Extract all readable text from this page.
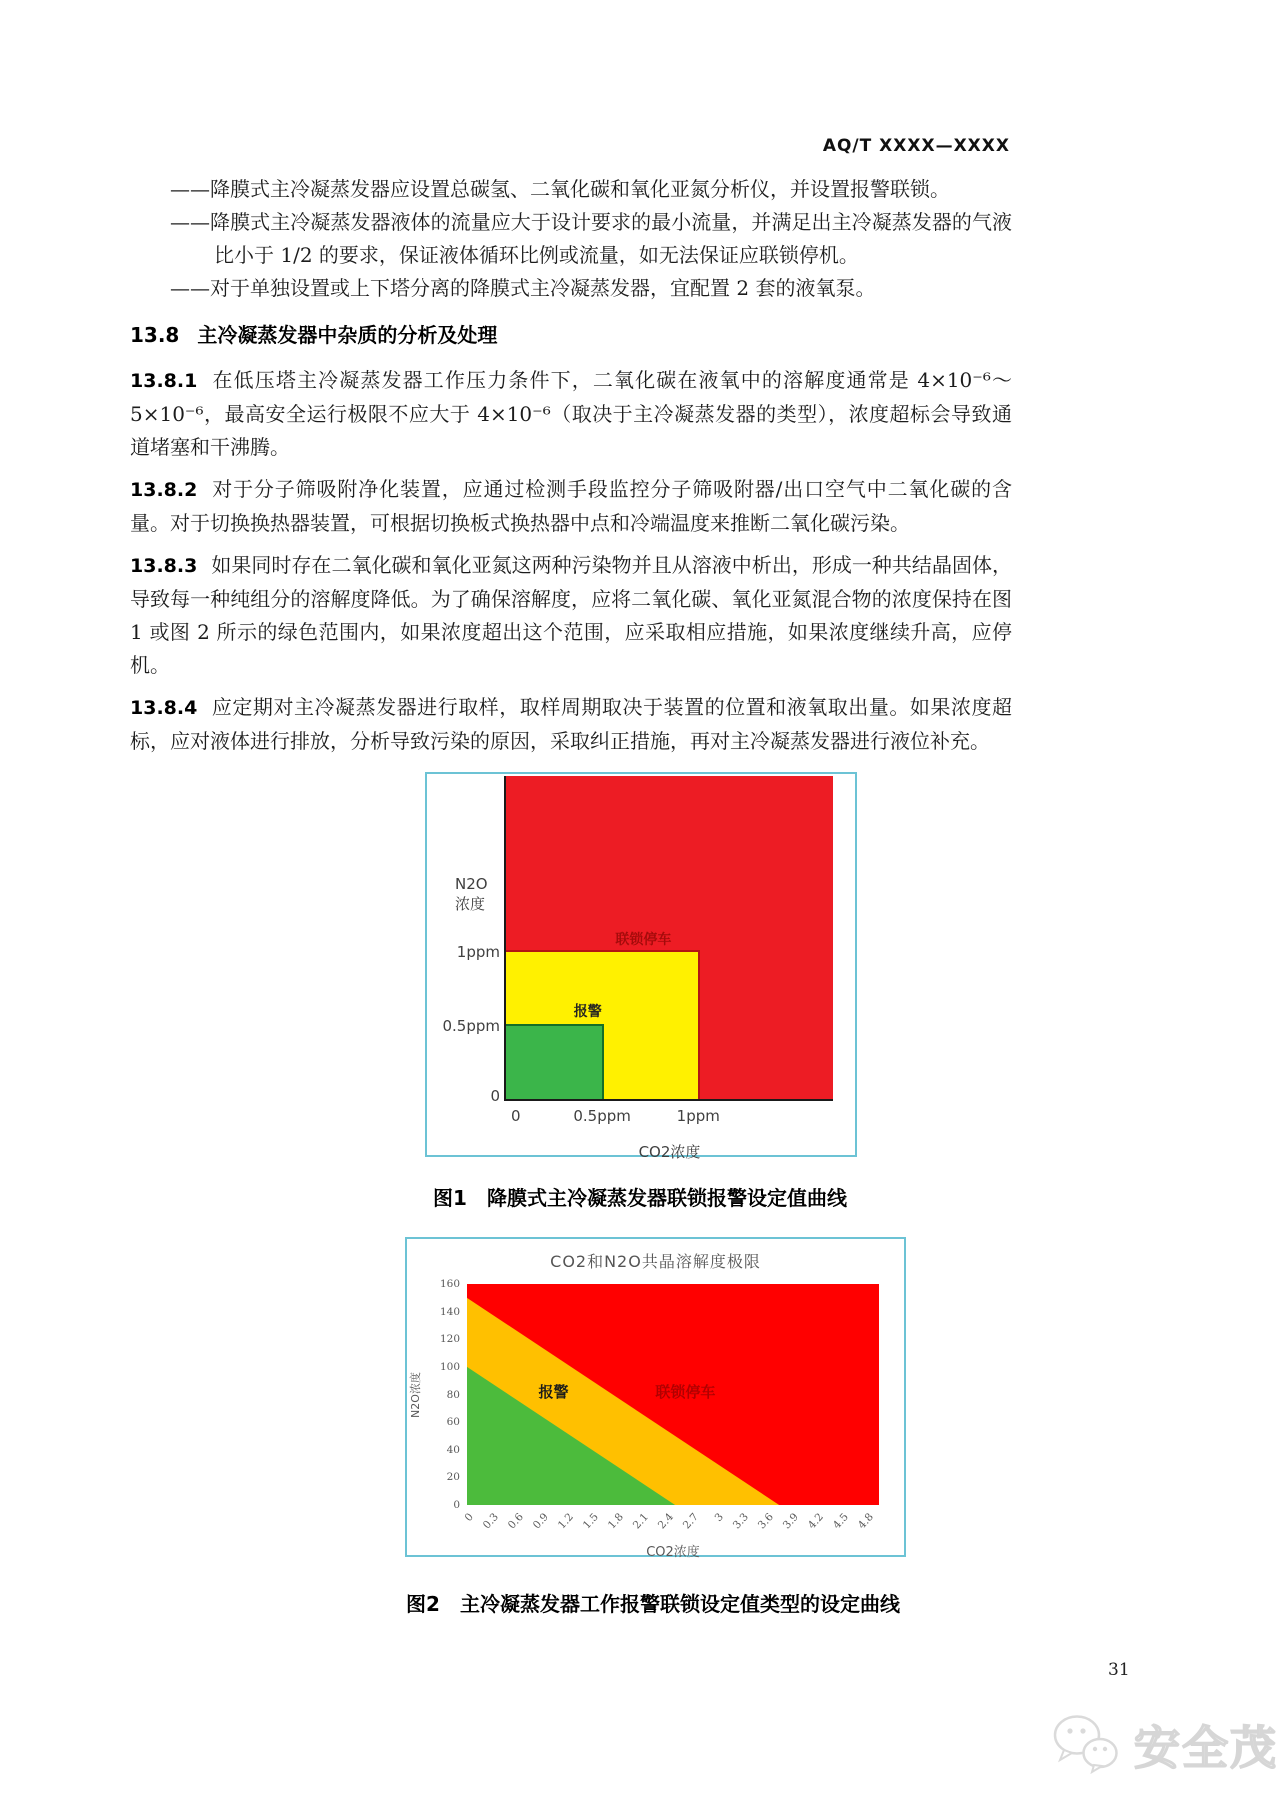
AQ/T XXXX—XXXX
——降膜式主冷凝蒸发器应设置总碳氢、二氧化碳和氧化亚氮分析仪，并设置报警联锁。
——降膜式主冷凝蒸发器液体的流量应大于设计要求的最小流量，并满足出主冷凝蒸发器的气液比小于 1/2 的要求，保证液体循环比例或流量，如无法保证应联锁停机。
——对于单独设置或上下塔分离的降膜式主冷凝蒸发器，宜配置 2 套的液氧泵。
13.8 主冷凝蒸发器中杂质的分析及处理
13.8.1 在低压塔主冷凝蒸发器工作压力条件下，二氧化碳在液氧中的溶解度通常是 4×10⁻⁶～5×10⁻⁶，最高安全运行极限不应大于 4×10⁻⁶（取决于主冷凝蒸发器的类型），浓度超标会导致通道堵塞和干沸腾。
13.8.2 对于分子筛吸附净化装置，应通过检测手段监控分子筛吸附器/出口空气中二氧化碳的含量。对于切换换热器装置，可根据切换板式换热器中点和冷端温度来推断二氧化碳污染。
13.8.3 如果同时存在二氧化碳和氧化亚氮这两种污染物并且从溶液中析出，形成一种共结晶固体，导致每一种纯组分的溶解度降低。为了确保溶解度，应将二氧化碳、氧化亚氮混合物的浓度保持在图 1 或图 2 所示的绿色范围内，如果浓度超出这个范围，应采取相应措施，如果浓度继续升高，应停机。
13.8.4 应定期对主冷凝蒸发器进行取样，取样周期取决于装置的位置和液氧取出量。如果浓度超标，应对液体进行排放，分析导致污染的原因，采取纠正措施，再对主冷凝蒸发器进行液位补充。
报警
联锁停车
1ppm
0.5ppm
0
0	0.5ppm	1ppm
CO2浓度
N2O
浓度
图1　降膜式主冷凝蒸发器联锁报警设定值曲线
CO2和N2O共晶溶解度极限
报警	联锁停车
160
140
120
100
80
60
40
20
0
0 0.3 0.6 0.9 1.2 1.5 1.8 2.1 2.4 2.7 3 3.3 3.6 3.9 4.2 4.5 4.8
N2O浓度
CO2浓度
图2　主冷凝蒸发器工作报警联锁设定值类型的设定曲线
31
安全茂
